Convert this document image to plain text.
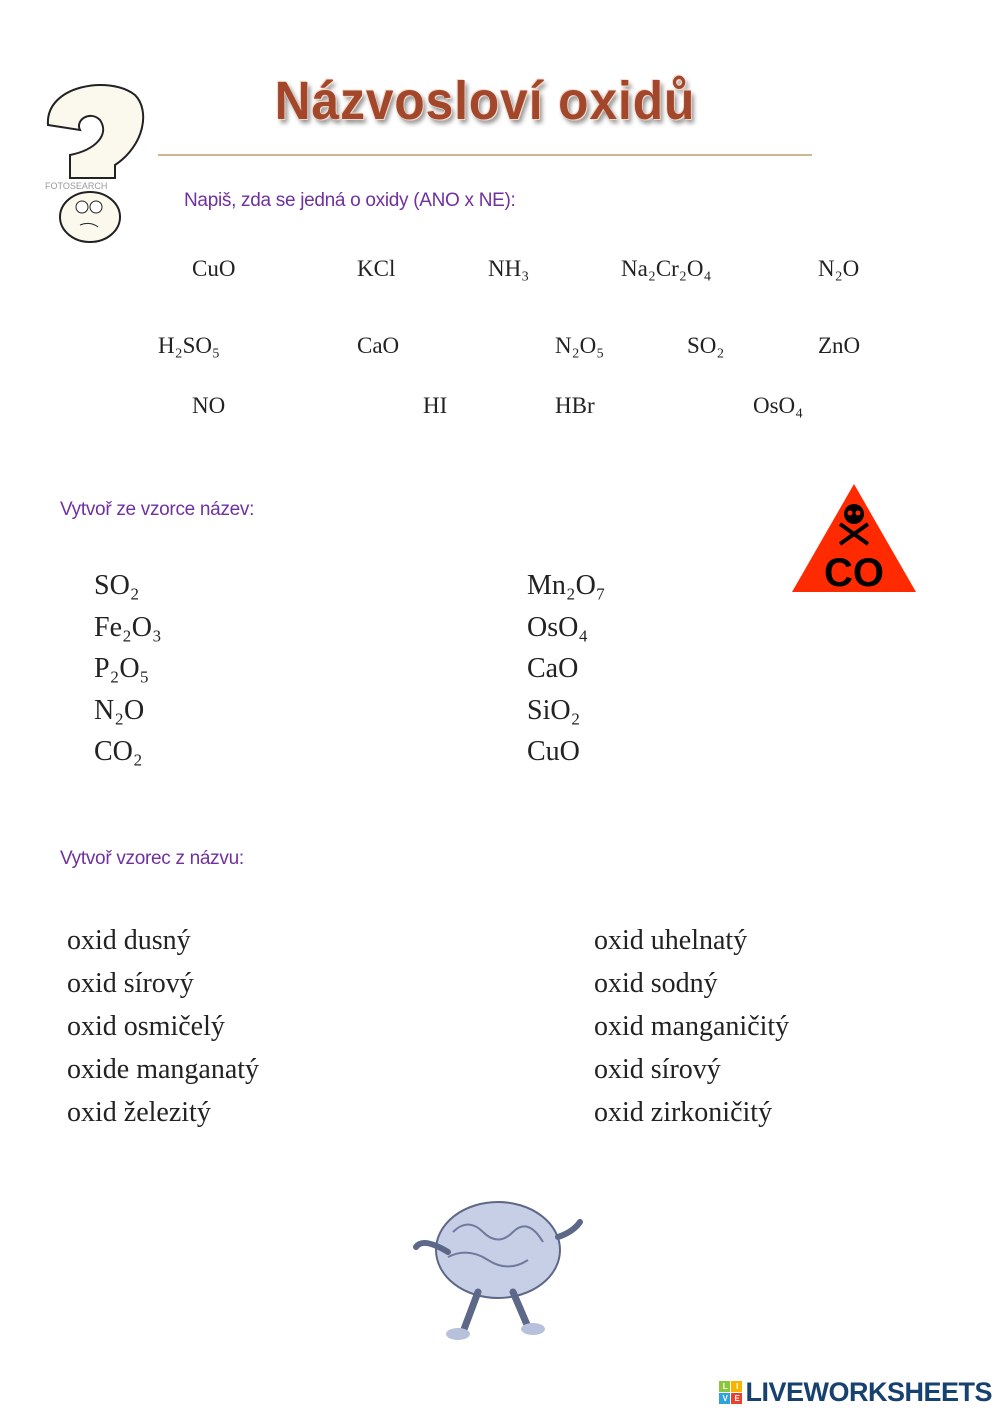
FOTOSEARCH
Názvosloví oxidů
Napiš, zda se jedná o oxidy (ANO x NE):
CuO	KCl	NH₃	Na₂Cr₂O₄	N₂O
H₂SO₅	CaO	N₂O₅	SO₂	ZnO
NO	HI	HBr	OsO₄
Vytvoř ze vzorce název:
CO
SO₂
Fe₂O₃
P₂O₅
N₂O
CO₂
Mn₂O₇
OsO₄
CaO
SiO₂
CuO
Vytvoř vzorec z názvu:
oxid dusný
oxid sírový
oxid osmičelý
oxide manganatý
oxid železitý
oxid uhelnatý
oxid sodný
oxid manganičitý
oxid sírový
oxid zirkoničitý
L	I
V E LIVEWORKSHEETS
